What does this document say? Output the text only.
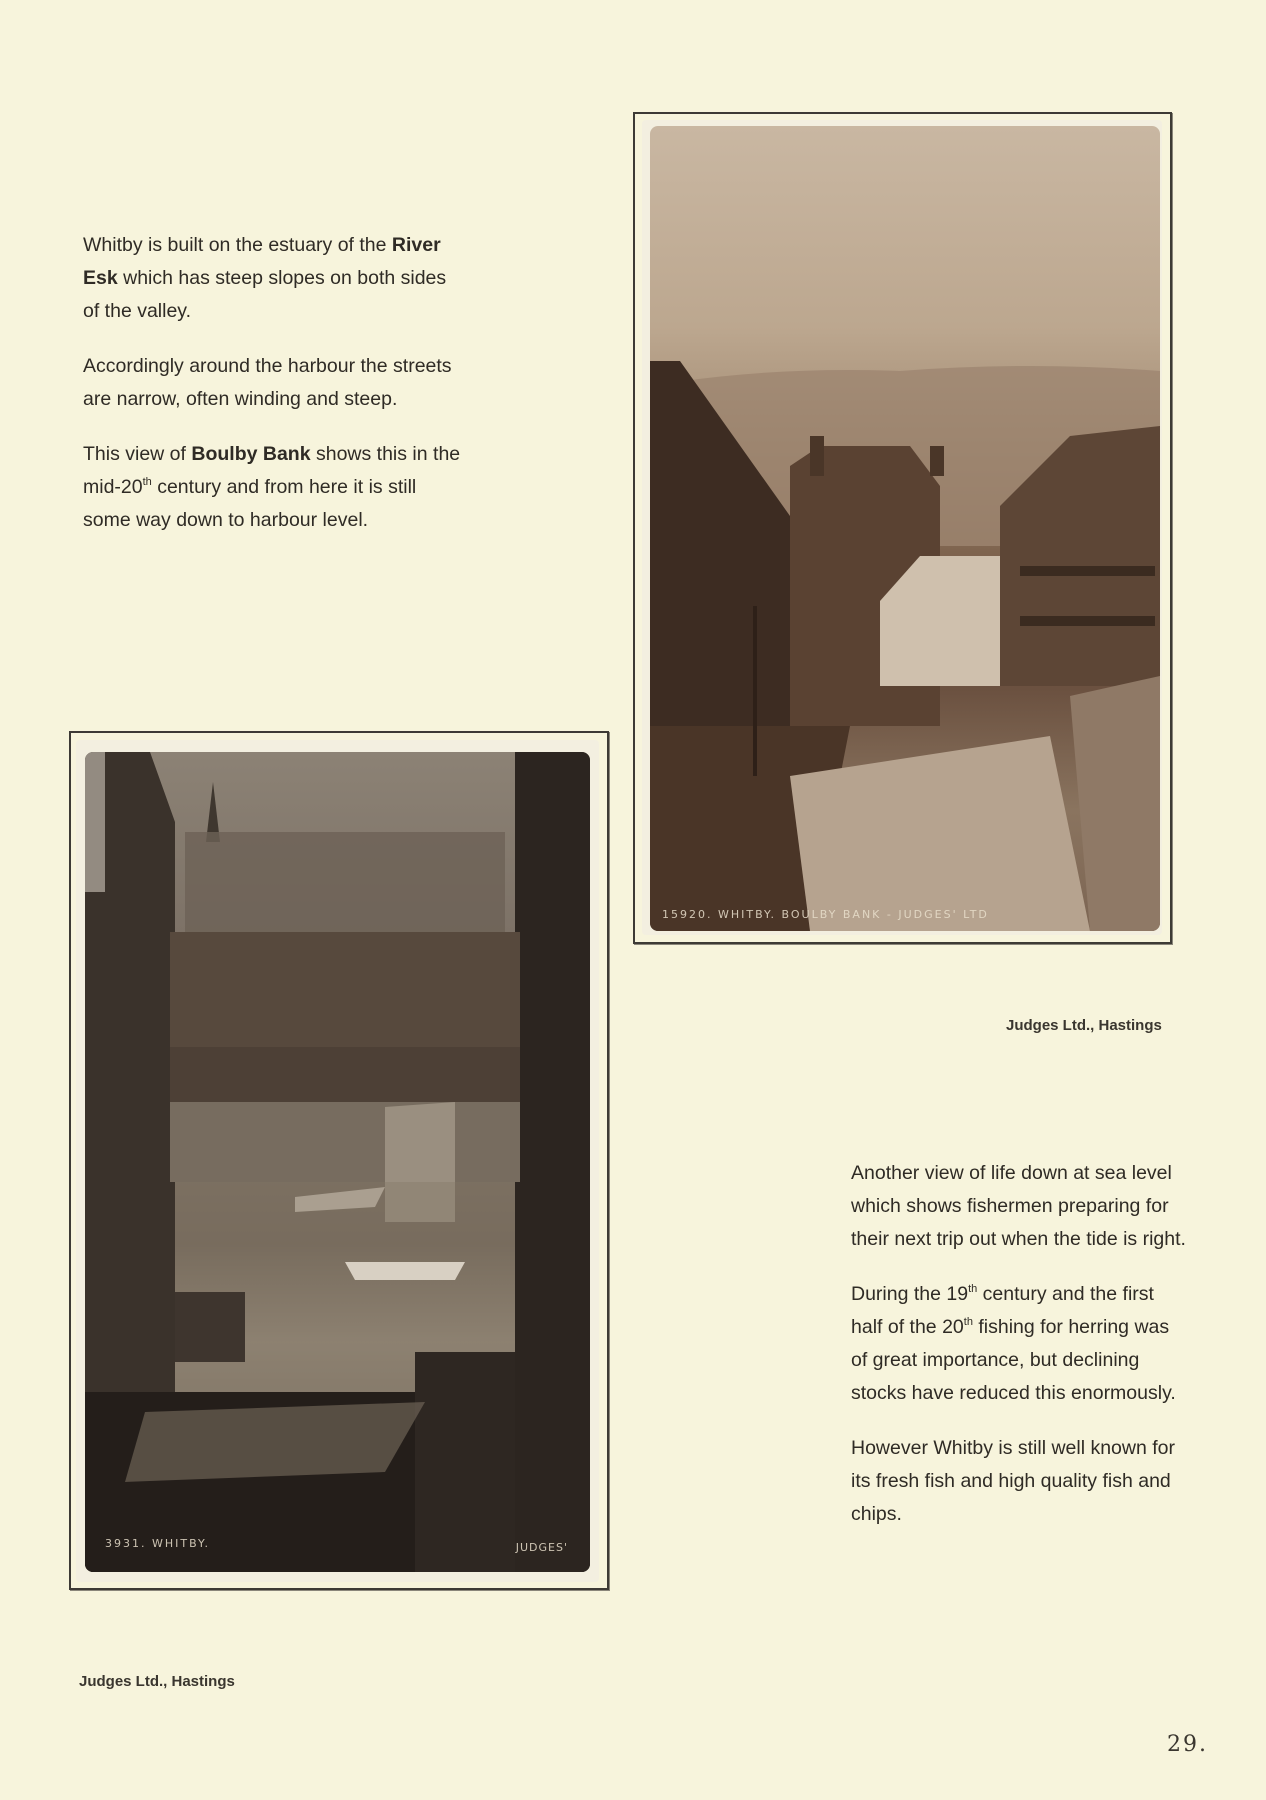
Whitby is built on the estuary of the River Esk which has steep slopes on both sides of the valley.

Accordingly around the harbour the streets are narrow, often winding and steep.

This view of Boulby Bank shows this in the mid-20th century and from here it is still some way down to harbour level.

15920. WHITBY. BOULBY BANK - JUDGES' LTD
Judges Ltd., Hastings
3931. WHITBY.	JUDGES'
Judges Ltd., Hastings

Another view of life down at sea level which shows fishermen preparing for their next trip out when the tide is right.

During the 19th century and the first half of the 20th fishing for herring was of great importance, but declining stocks have reduced this enormously.

However Whitby is still well known for its fresh fish and high quality fish and chips.

29.
